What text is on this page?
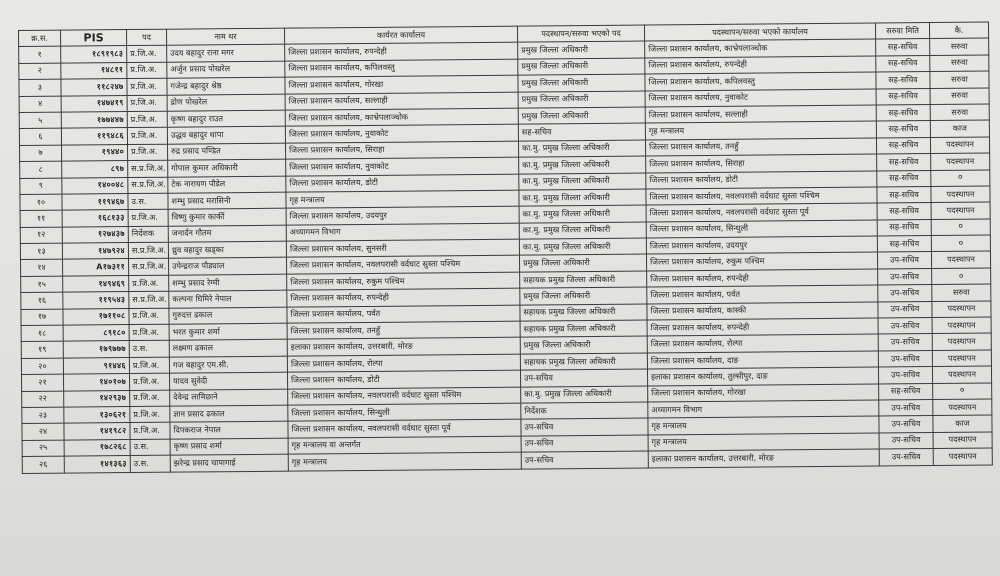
क्र.स.	PIS	पद	नाम थर	कार्यरत कार्यालय	पदस्थापन/सरुवा भएको पद	पदस्थापन/सरुवा भएको कार्यालय	सरुवा मिति	कै.
१	१८९१९८३	प्र.जि.अ.	उदय बहादुर राना मगर	जिल्ला प्रशासन कार्यालय, रुपन्देही	प्रमुख जिल्ला अधिकारी	जिल्ला प्रशासन कार्यालय, काभ्रेपलाञ्चोक	सह-सचिव	सरुवा
२	१४८११	प्र.जि.अ.	अर्जुन प्रसाद पोखरेल	जिल्ला प्रशासन कार्यालय, कपिलवस्तु	प्रमुख जिल्ला अधिकारी	जिल्ला प्रशासन कार्यालय, रुपन्देही	सह-सचिव	सरुवा
३	११८२४७	प्र.जि.अ.	गजेन्द्र बहादुर श्रेष्ठ	जिल्ला प्रशासन कार्यालय, गोरखा	प्रमुख जिल्ला अधिकारी	जिल्ला प्रशासन कार्यालय, कपिलवस्तु	सह-सचिव	सरुवा
४	१४७४१९	प्र.जि.अ.	द्रोण पोखरेल	जिल्ला प्रशासन कार्यालय, सल्लाही	प्रमुख जिल्ला अधिकारी	जिल्ला प्रशासन कार्यालय, नुवाकोट	सह-सचिव	सरुवा
५	१७७४४७	प्र.जि.अ.	कृष्ण बहादुर राउत	जिल्ला प्रशासन कार्यालय, काभ्रेपलाञ्चोक	प्रमुख जिल्ला अधिकारी	जिल्ला प्रशासन कार्यालय, सल्लाही	सह-सचिव	सरुवा
६	११९४८६	प्र.जि.अ.	उद्धव बहादुर थापा	जिल्ला प्रशासन कार्यालय, नुवाकोट	सह-सचिव	गृह मन्त्रालय	सह-सचिव	काज
७	१९४४०	प्र.जि.अ.	रुद्र प्रसाद पण्डित	जिल्ला प्रशासन कार्यालय, सिराहा	का.मु. प्रमुख जिल्ला अधिकारी	जिल्ला प्रशासन कार्यालय, तनहुँ	सह-सचिव	पदस्थापन
८	८९७	स.प्र.जि.अ.	गोपाल कुमार अधिकारी	जिल्ला प्रशासन कार्यालय, नुवाकोट	का.मु. प्रमुख जिल्ला अधिकारी	जिल्ला प्रशासन कार्यालय, सिराहा	सह-सचिव	पदस्थापन
९	१४००४८	स.प्र.जि.अ.	टेक नारायण पौडेल	जिल्ला प्रशासन कार्यालय, डोटी	का.मु. प्रमुख जिल्ला अधिकारी	जिल्ला प्रशासन कार्यालय, डोटी	सह-सचिव	०
१०	११९४६७	उ.स.	शम्भु प्रसाद मरासिनी	गृह मन्त्रालय	का.मु. प्रमुख जिल्ला अधिकारी	जिल्ला प्रशासन कार्यालय, नवलपरासी वर्दघाट सुस्ता पश्चिम	सह-सचिव	पदस्थापन
११	१६८१३३	प्र.जि.अ.	विष्णु कुमार कार्की	जिल्ला प्रशासन कार्यालय, उदयपुर	का.मु. प्रमुख जिल्ला अधिकारी	जिल्ला प्रशासन कार्यालय, नवलपरासी वर्दघाट सुस्ता पूर्व	सह-सचिव	पदस्थापन
१२	१२७४३७	निर्देशक	जनार्दन गौतम	अध्यागमन विभाग	का.मु. प्रमुख जिल्ला अधिकारी	जिल्ला प्रशासन कार्यालय, सिन्धुली	सह-सचिव	०
१३	१४७९२४	स.प्र.जि.अ.	ध्रुव बहादुर खड्का	जिल्ला प्रशासन कार्यालय, सुनसरी	का.मु. प्रमुख जिल्ला अधिकारी	जिल्ला प्रशासन कार्यालय, उदयपुर	सह-सचिव	०
१४	A१७३११	स.प्र.जि.अ.	उपेन्द्रराज पौड्याल	जिल्ला प्रशासन कार्यालय, नवलपरासी वर्दघाट सुस्ता पश्चिम	प्रमुख जिल्ला अधिकारी	जिल्ला प्रशासन कार्यालय, रुकुम पश्चिम	उप-सचिव	पदस्थापन
१५	१४९४६९	प्र.जि.अ.	शम्भु प्रसाद रेग्मी	जिल्ला प्रशासन कार्यालय, रुकुम पश्चिम	सहायक प्रमुख जिल्ला अधिकारी	जिल्ला प्रशासन कार्यालय, रुपन्देही	उप-सचिव	०
१६	११९५४३	स.प्र.जि.अ.	कल्पना घिमिरे नेपाल	जिल्ला प्रशासन कार्यालय, रुपन्देही	प्रमुख जिल्ला अधिकारी	जिल्ला प्रशासन कार्यालय, पर्वत	उप-सचिव	सरुवा
१७	१७११०८	प्र.जि.अ.	गुरुदत्त ढकाल	जिल्ला प्रशासन कार्यालय, पर्वत	सहायक प्रमुख जिल्ला अधिकारी	जिल्ला प्रशासन कार्यालय, कास्की	उप-सचिव	पदस्थापन
१८	८९१८०	प्र.जि.अ.	भरत कुमार शर्मा	जिल्ला प्रशासन कार्यालय, तनहुँ	सहायक प्रमुख जिल्ला अधिकारी	जिल्ला प्रशासन कार्यालय, रुपन्देही	उप-सचिव	पदस्थापन
१९	१७९७७७	उ.स.	लक्ष्मण ढकाल	इलाका प्रशासन कार्यालय, उत्तरबारी, मोरङ	प्रमुख जिल्ला अधिकारी	जिल्ला प्रशासन कार्यालय, रोल्पा	उप-सचिव	पदस्थापन
२०	९१४४६	प्र.जि.अ.	गज बहादुर एम.सी.	जिल्ला प्रशासन कार्यालय, रोल्पा	सहायक प्रमुख जिल्ला अधिकारी	जिल्ला प्रशासन कार्यालय, दाङ	उप-सचिव	पदस्थापन
२१	१४०१०७	प्र.जि.अ.	यादव सुवेदी	जिल्ला प्रशासन कार्यालय, डोटी	उप-सचिव	इलाका प्रशासन कार्यालय, तुल्सीपुर, दाङ	उप-सचिव	पदस्थापन
२२	१४२९३७	प्र.जि.अ.	देवेन्द्र लामिछाने	जिल्ला प्रशासन कार्यालय, नवलपरासी वर्दघाट सुस्ता पश्चिम	का.मु. प्रमुख जिल्ला अधिकारी	जिल्ला प्रशासन कार्यालय, गोरखा	सह-सचिव	०
२३	१३०६२१	प्र.जि.अ.	ज्ञान प्रसाद ढकाल	जिल्ला प्रशासन कार्यालय, सिन्धुली	निर्देशक	अध्यागमन विभाग	उप-सचिव	पदस्थापन
२४	१४१९८२	प्र.जि.अ.	दिपकराज नेपाल	जिल्ला प्रशासन कार्यालय, नवलपरासी वर्दघाट सुस्ता पूर्व	उप-सचिव	गृह मन्त्रालय	उप-सचिव	काज
२५	१७८२६८	उ.स.	कृष्ण प्रसाद शर्मा	गृह मन्त्रालय वा अन्तर्गत	उप-सचिव	गृह मन्त्रालय	उप-सचिव	पदस्थापन
२६	१४१३६३	उ.स.	झरेन्द्र प्रसाद चापागाई	गृह मन्त्रालय	उप-सचिव	इलाका प्रशासन कार्यालय, उत्तरबारी, मोरङ	उप-सचिव	पदस्थापन
